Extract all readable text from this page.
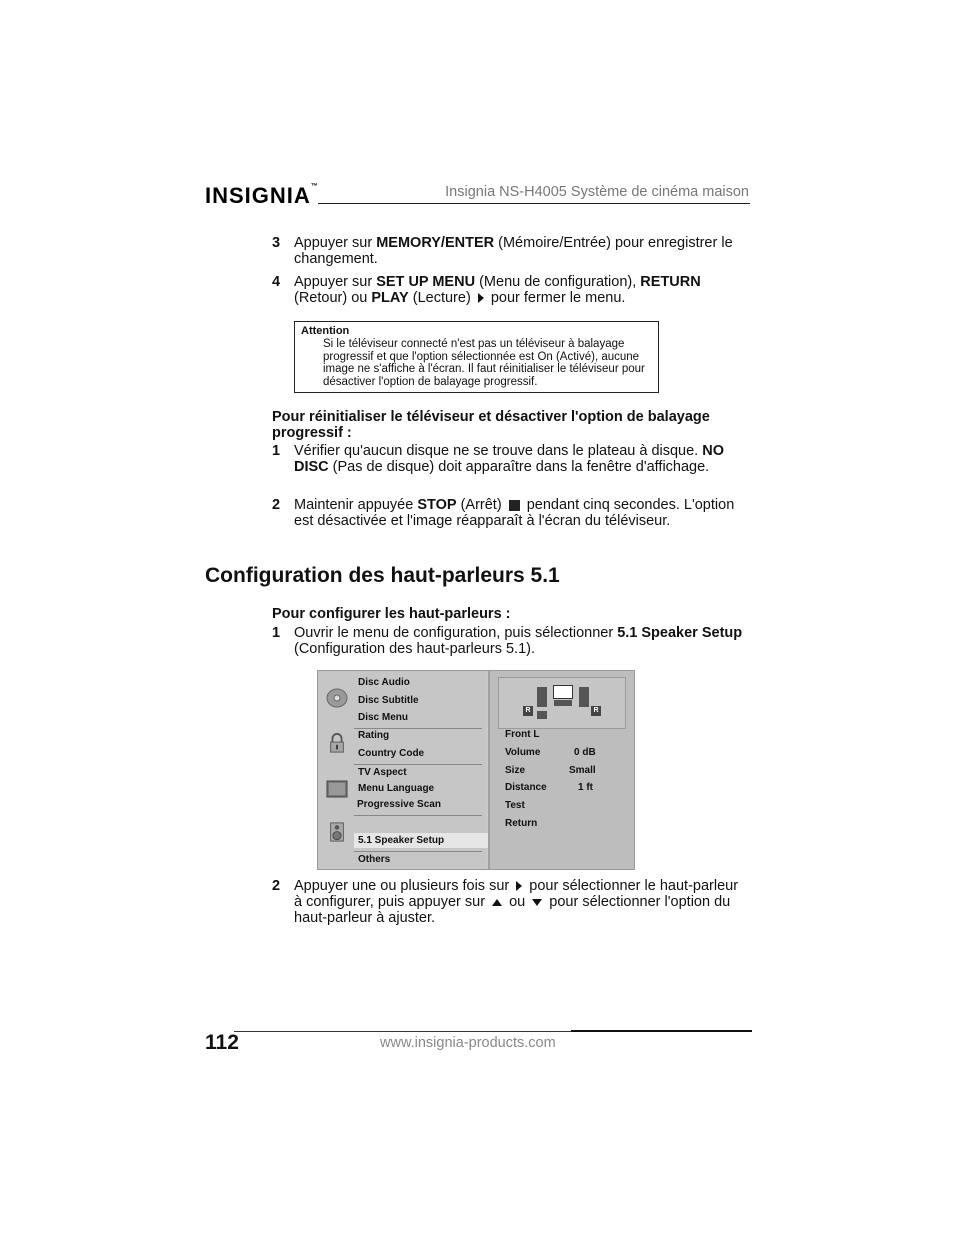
INSIGNIA™	Insignia NS-H4005 Système de cinéma maison
3 Appuyer sur MEMORY/ENTER (Mémoire/Entrée) pour enregistrer le changement.
4 Appuyer sur SET UP MENU (Menu de configuration), RETURN (Retour) ou PLAY (Lecture)  pour fermer le menu.
Attention
Si le téléviseur connecté n'est pas un téléviseur à balayage progressif et que l'option sélectionnée est On (Activé), aucune image ne s'affiche à l'écran. Il faut réinitialiser le téléviseur pour désactiver l'option de balayage progressif.
Pour réinitialiser le téléviseur et désactiver l'option de balayage progressif :
1 Vérifier qu'aucun disque ne se trouve dans le plateau à disque. NO DISC (Pas de disque) doit apparaître dans la fenêtre d'affichage.
2 Maintenir appuyée STOP (Arrêt)  pendant cinq secondes. L'option est désactivée et l'image réapparaît à l'écran du téléviseur.
Configuration des haut-parleurs 5.1
Pour configurer les haut-parleurs :
1 Ouvrir le menu de configuration, puis sélectionner 5.1 Speaker Setup (Configuration des haut-parleurs 5.1).
Disc Audio
Disc Subtitle
Disc Menu
Rating
Country Code
TV Aspect
Menu Language
Progressive Scan
5.1 Speaker Setup
Others
R	R
Front L
Volume	0 dB
Size	Small
Distance	1 ft
Test
Return
2 Appuyer une ou plusieurs fois sur  pour sélectionner le haut-parleur à configurer, puis appuyer sur  ou  pour sélectionner l'option du haut-parleur à ajuster.
112	www.insignia-products.com
